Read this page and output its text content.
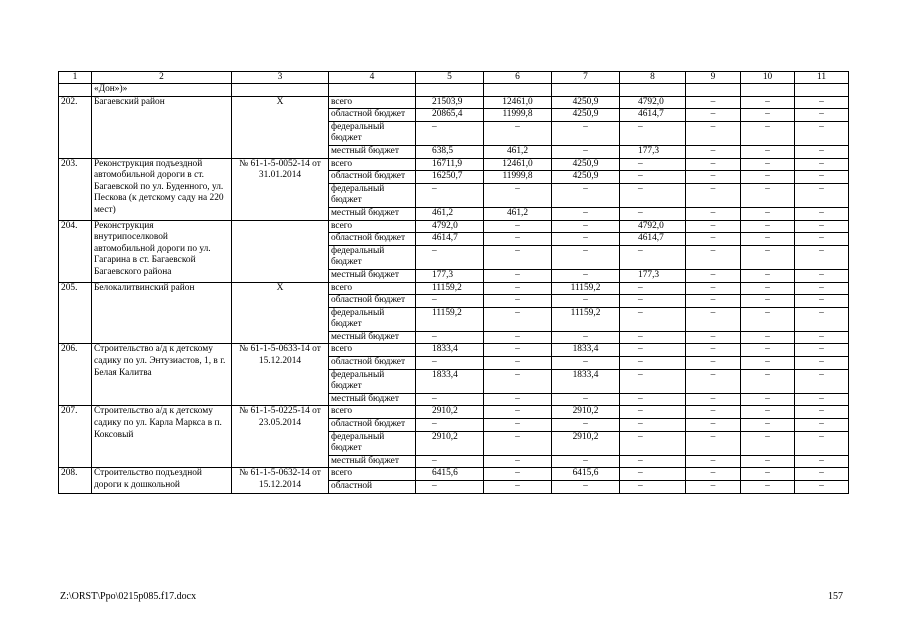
1	2	3	4	5	6	7	8	9	10	11
	«Дон»)»									
202.	Багаевский район	Х	всего	21503,9	12461,0	4250,9	4792,0	–	–	–
			областной бюджет	20865,4	11999,8	4250,9	4614,7	–	–	–
			федеральный бюджет	–	–	–	–	–	–	–
			местный бюджет	638,5	461,2	–	177,3	–	–	–
203.	Реконструкция подъездной автомобильной дороги в ст. Багаевской по ул. Буденного, ул. Пескова (к детскому саду на 220 мест)	№ 61-1-5-0052-14 от 31.01.2014	всего	16711,9	12461,0	4250,9	–	–	–	–
			областной бюджет	16250,7	11999,8	4250,9	–	–	–	–
			федеральный бюджет	–	–	–	–	–	–	–
			местный бюджет	461,2	461,2	–	–	–	–	–
204.	Реконструкция внутрипоселковой автомобильной дороги по ул. Гагарина в ст. Багаевской Багаевского района		всего	4792,0	–	–	4792,0	–	–	–
			областной бюджет	4614,7	–	–	4614,7	–	–	–
			федеральный бюджет	–	–	–	–	–	–	–
			местный бюджет	177,3	–	–	177,3	–	–	–
205.	Белокалитвинский район	Х	всего	11159,2	–	11159,2	–	–	–	–
			областной бюджет	–	–	–	–	–	–	–
			федеральный бюджет	11159,2	–	11159,2	–	–	–	–
			местный бюджет	–	–	–	–	–	–	–
206.	Строительство а/д к детскому садику по ул. Энтузиастов, 1, в г. Белая Калитва	№ 61-1-5-0633-14 от 15.12.2014	всего	1833,4	–	1833,4	–	–	–	–
			областной бюджет	–	–	–	–	–	–	–
			федеральный бюджет	1833,4	–	1833,4	–	–	–	–
			местный бюджет	–	–	–	–	–	–	–
207.	Строительство а/д к детскому садику по ул. Карла Маркса в п. Коксовый	№ 61-1-5-0225-14 от 23.05.2014	всего	2910,2	–	2910,2	–	–	–	–
			областной бюджет	–	–	–	–	–	–	–
			федеральный бюджет	2910,2	–	2910,2	–	–	–	–
			местный бюджет	–	–	–	–	–	–	–
208.	Строительство подъездной дороги к дошкольной	№ 61-1-5-0632-14 от 15.12.2014	всего	6415,6	–	6415,6	–	–	–	–
			областной	–	–	–	–	–	–	–
Z:\ORST\Ppo\0215p085.f17.docx	157
